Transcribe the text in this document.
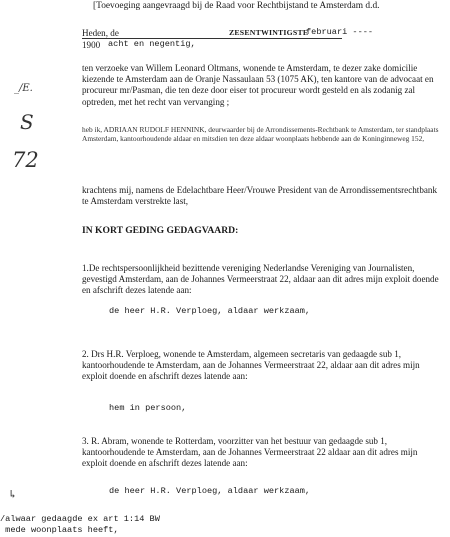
[Toevoeging aangevraagd bij de Raad voor Rechtbijstand te Amsterdam d.d.
Heden, de	ZESENTWINTIGSTE
februari ----
1900 acht en negentig,
_/E.
S
72
ten verzoeke van Willem Leonard Oltmans, wonende te Amsterdam, te dezer zake domicilie kiezende te Amsterdam aan de Oranje Nassaulaan 53 (1075 AK), ten kantore van de advocaat en procureur mr/Pasman, die ten deze door eiser tot procureur wordt gesteld en als zodanig zal optreden, met het recht van vervanging ;
heb ik, ADRIAAN RUDOLF HENNINK, deurwaarder bij de Arrondissements-Rechtbank te Amsterdam, ter standplaats Amsterdam, kantoorhoudende aldaar en mitsdien ten deze aldaar woonplaats hebbende aan de Koninginneweg 152,
krachtens mij, namens de Edelachtbare Heer/Vrouwe President van de Arrondissementsrechtbank te Amsterdam verstrekte last,
IN KORT GEDING GEDAGVAARD:
1.De rechtspersoonlijkheid bezittende vereniging Nederlandse Vereniging van Journalisten, gevestigd Amsterdam, aan de Johannes Vermeerstraat 22, aldaar aan dit adres mijn exploit doende en afschrift dezes latende aan:
de heer H.R. Verploeg, aldaar werkzaam,
2. Drs H.R. Verploeg, wonende te Amsterdam, algemeen secretaris van gedaagde sub 1, kantoorhoudende te Amsterdam, aan de Johannes Vermeerstraat 22, aldaar aan dit adres mijn exploit doende en afschrift dezes latende aan:
hem in persoon,
3. R. Abram, wonende te Rotterdam, voorzitter van het bestuur van gedaagde sub 1, kantoorhoudende te Amsterdam, aan de Johannes Vermeerstraat 22 aldaar aan dit adres mijn exploit doende en afschrift dezes latende aan:
de heer H.R. Verploeg, aldaar werkzaam,
↳
/alwaar gedaagde ex art 1:14 BW
mede woonplaats heeft,
